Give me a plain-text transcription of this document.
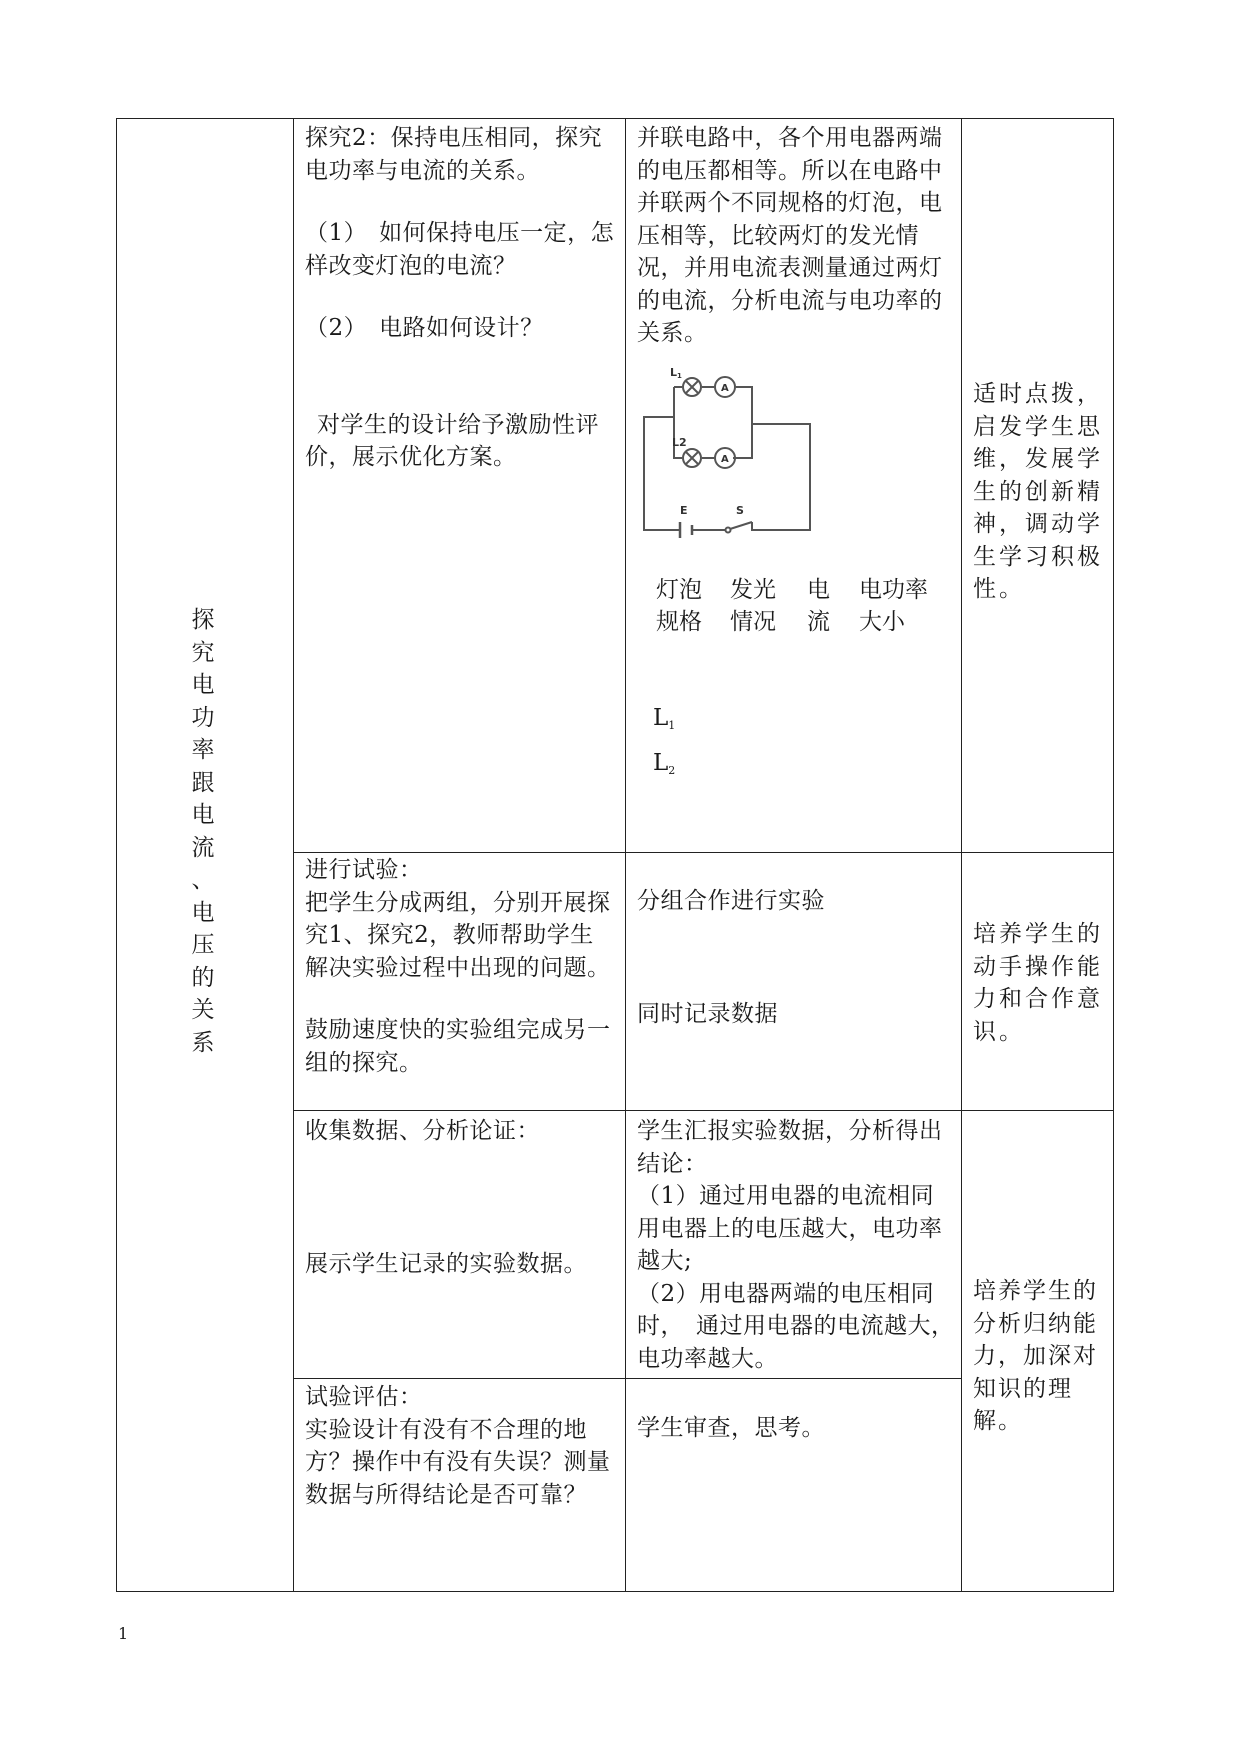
探
究
电
功
率
跟
电
流
、
电
压
的
关
系

探究2：保持电压相同，探究电功率与电流的关系。

（1）　如何保持电压一定，怎样改变灯泡的电流？

（2）　电路如何设计？

对学生的设计给予激励性评价，展示优化方案。

并联电路中，各个用电器两端的电压都相等。所以在电路中并联两个不同规格的灯泡，电压相等，比较两灯的发光情况，并用电流表测量通过两灯的电流，分析电流与电功率的关系。

L1
L2
A
A
E	S
灯泡
规格
发光
情况
电
流
电功率
大小
$L_1$
$L_2$

适时点拨，启发学生思维，发展学生的创新精神，调动学生学习积极性。

进行试验：

把学生分成两组，分别开展探究1、探究2，教师帮助学生解决实验过程中出现的问题。

鼓励速度快的实验组完成另一组的探究。

分组合作进行实验

同时记录数据

培养学生的动手操作能力和合作意识。

收集数据、分析论证：

展示学生记录的实验数据。

学生汇报实验数据，分析得出结论：

（1）通过用电器的电流相同用电器上的电压越大，电功率越大;

（2）用电器两端的电压相同时，　通过用电器的电流越大，电功率越大。

培养学生的分析归纳能力，加深对知识的理解。

试验评估：

实验设计有没有不合理的地方？操作中有没有失误？测量数据与所得结论是否可靠？

学生审查，思考。

1
